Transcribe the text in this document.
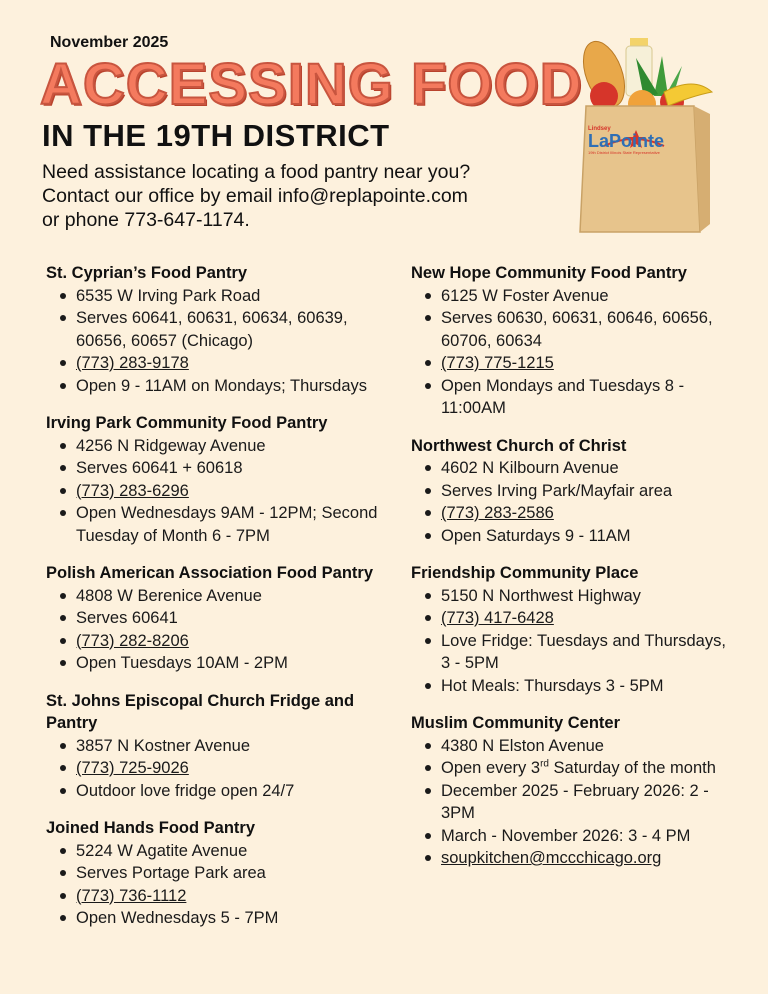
November 2025
ACCESSING FOOD
IN THE 19TH DISTRICT
Need assistance locating a food pantry near you?
Contact our office by email info@replapointe.com
or phone 773-647-1174.
Lindsey
LaPointe
19th District Illinois State Representative
St. Cyprian’s Food Pantry
6535 W Irving Park Road
Serves 60641, 60631, 60634, 60639, 60656, 60657 (Chicago)
(773) 283-9178
Open 9 - 11AM on Mondays; Thursdays
Irving Park Community Food Pantry
4256 N Ridgeway Avenue
Serves 60641 + 60618
(773) 283-6296
Open Wednesdays 9AM - 12PM; Second Tuesday of Month 6 - 7PM
Polish American Association Food Pantry
4808 W Berenice Avenue
Serves 60641
(773) 282-8206
Open Tuesdays 10AM - 2PM
St. Johns Episcopal Church Fridge and Pantry
3857 N Kostner Avenue
(773) 725-9026
Outdoor love fridge open 24/7
Joined Hands Food Pantry
5224 W Agatite Avenue
Serves Portage Park area
(773) 736-1112
Open Wednesdays 5 - 7PM
New Hope Community Food Pantry
6125 W Foster Avenue
Serves 60630, 60631, 60646, 60656, 60706, 60634
(773) 775-1215
Open Mondays and Tuesdays 8 - 11:00AM
Northwest Church of Christ
4602 N Kilbourn Avenue
Serves Irving Park/Mayfair area
(773) 283-2586
Open Saturdays 9 - 11AM
Friendship Community Place
5150 N Northwest Highway
(773) 417-6428
Love Fridge: Tuesdays and Thursdays, 3 - 5PM
Hot Meals: Thursdays 3 - 5PM
Muslim Community Center
4380 N Elston Avenue
Open every 3rd Saturday of the month
December 2025 - February 2026: 2 - 3PM
March - November 2026: 3 - 4 PM
soupkitchen@mccchicago.org
